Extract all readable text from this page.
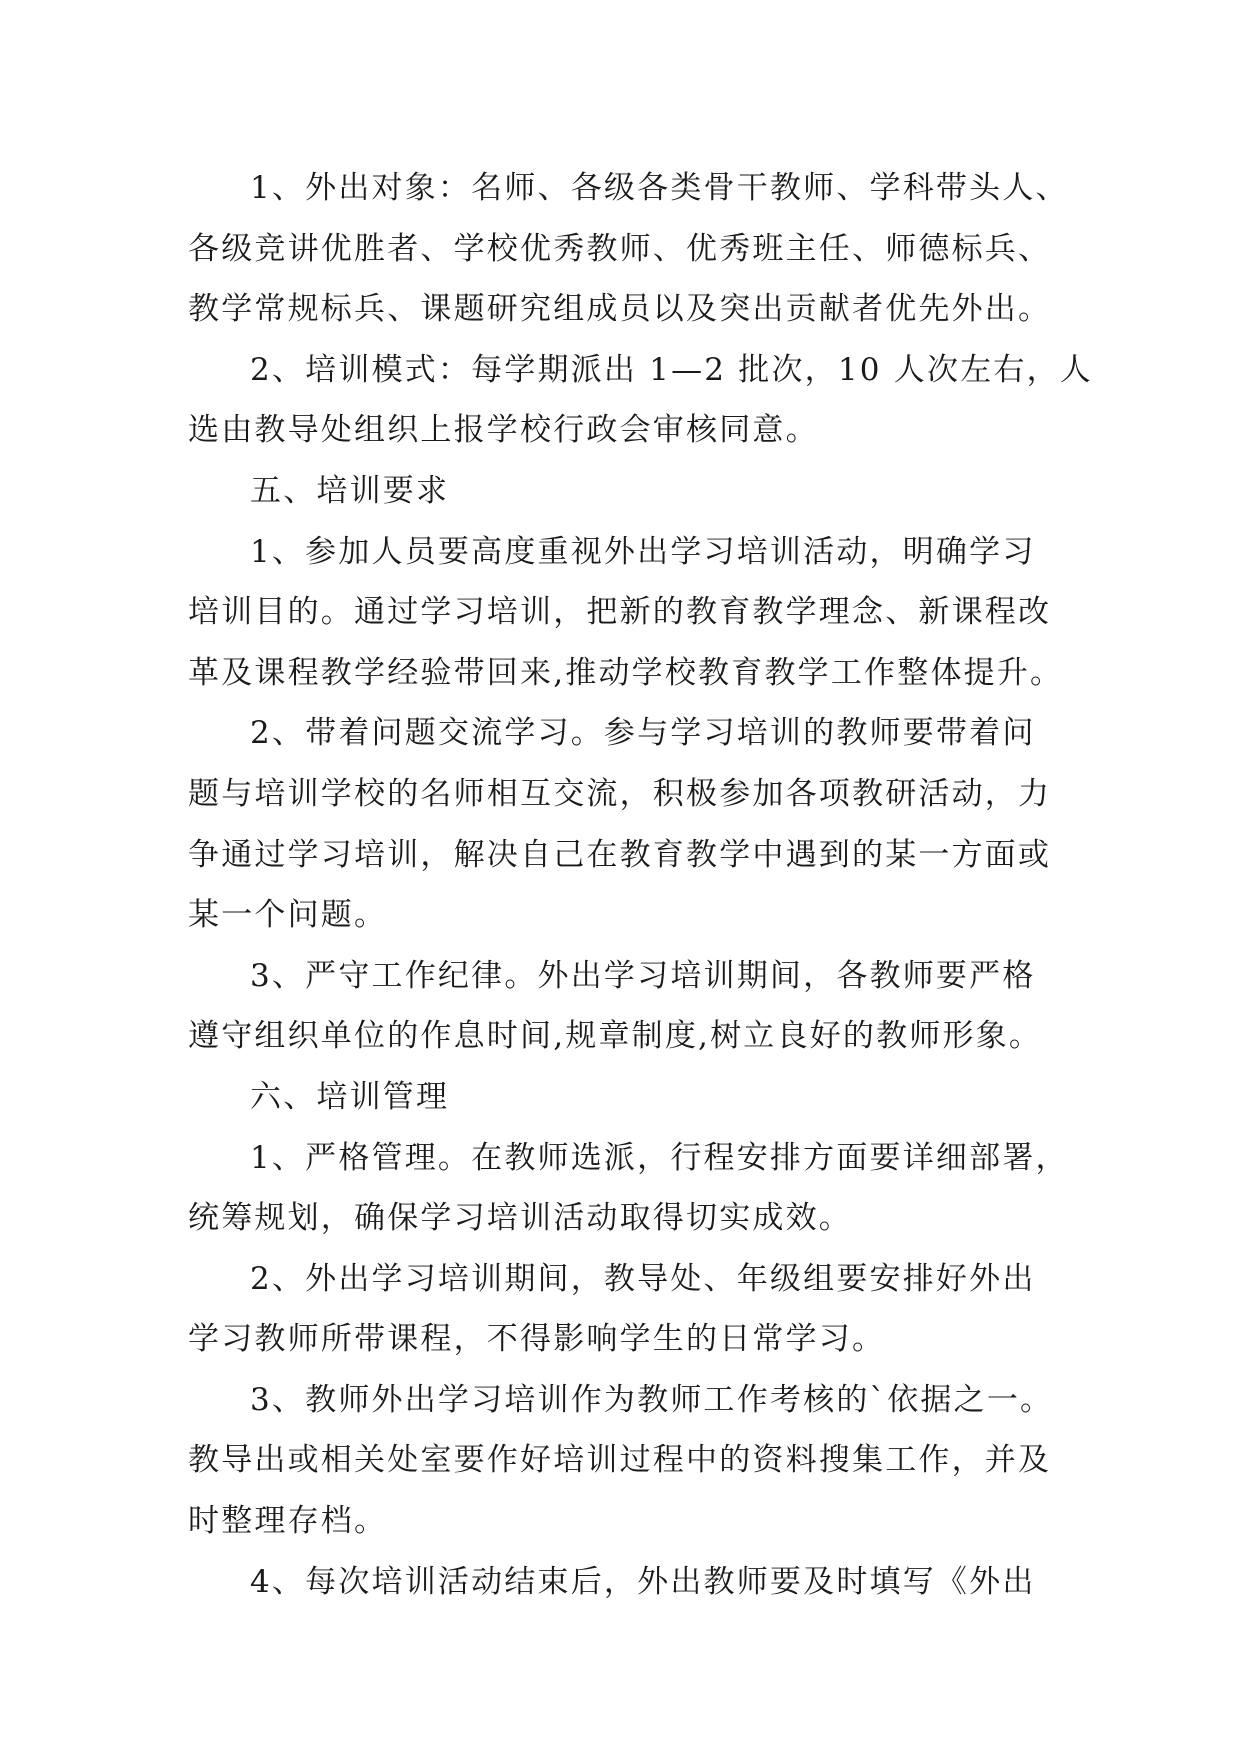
1、外出对象：名师、各级各类骨干教师、学科带头人、
各级竞讲优胜者、学校优秀教师、优秀班主任、师德标兵、
教学常规标兵、课题研究组成员以及突出贡献者优先外出。
2、培训模式：每学期派出 1—2 批次，10 人次左右，人
选由教导处组织上报学校行政会审核同意。
五、培训要求
1、参加人员要高度重视外出学习培训活动，明确学习
培训目的。通过学习培训，把新的教育教学理念、新课程改
革及课程教学经验带回来,推动学校教育教学工作整体提升。
2、带着问题交流学习。参与学习培训的教师要带着问
题与培训学校的名师相互交流，积极参加各项教研活动，力
争通过学习培训，解决自己在教育教学中遇到的某一方面或
某一个问题。
3、严守工作纪律。外出学习培训期间，各教师要严格
遵守组织单位的作息时间,规章制度,树立良好的教师形象。
六、培训管理
1、严格管理。在教师选派，行程安排方面要详细部署，
统筹规划，确保学习培训活动取得切实成效。
2、外出学习培训期间，教导处、年级组要安排好外出
学习教师所带课程，不得影响学生的日常学习。
3、教师外出学习培训作为教师工作考核的`依据之一。
教导出或相关处室要作好培训过程中的资料搜集工作，并及
时整理存档。
4、每次培训活动结束后，外出教师要及时填写《外出
